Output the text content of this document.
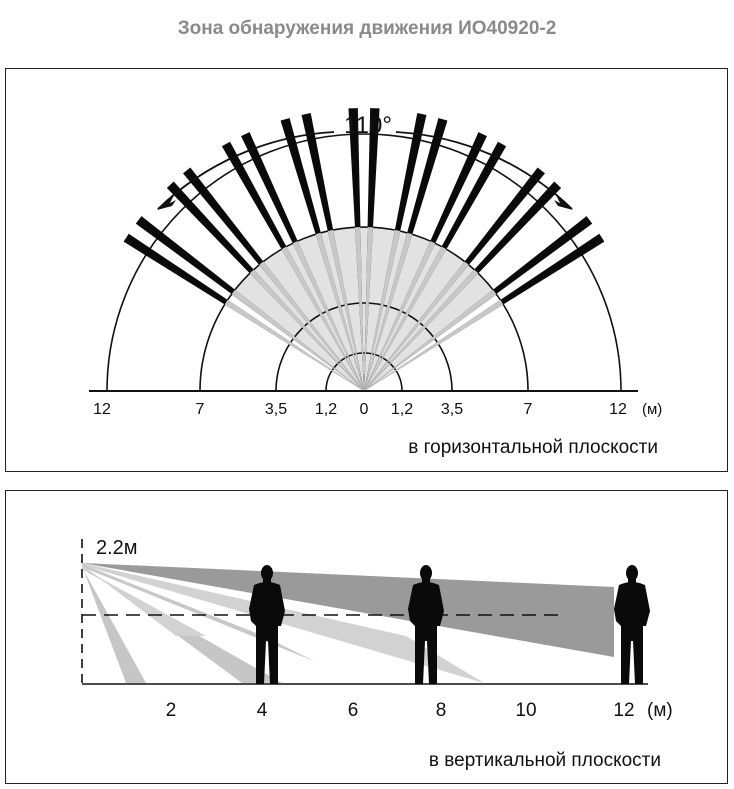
Зона обнаружения движения ИО40920-2
110°
12	7	3,5 1,2 0 1,2 3,5	7	12 (м)
в горизонтальной плоскости
2.2м
2	4	6	8	10	12 (м)
в вертикальной плоскости
